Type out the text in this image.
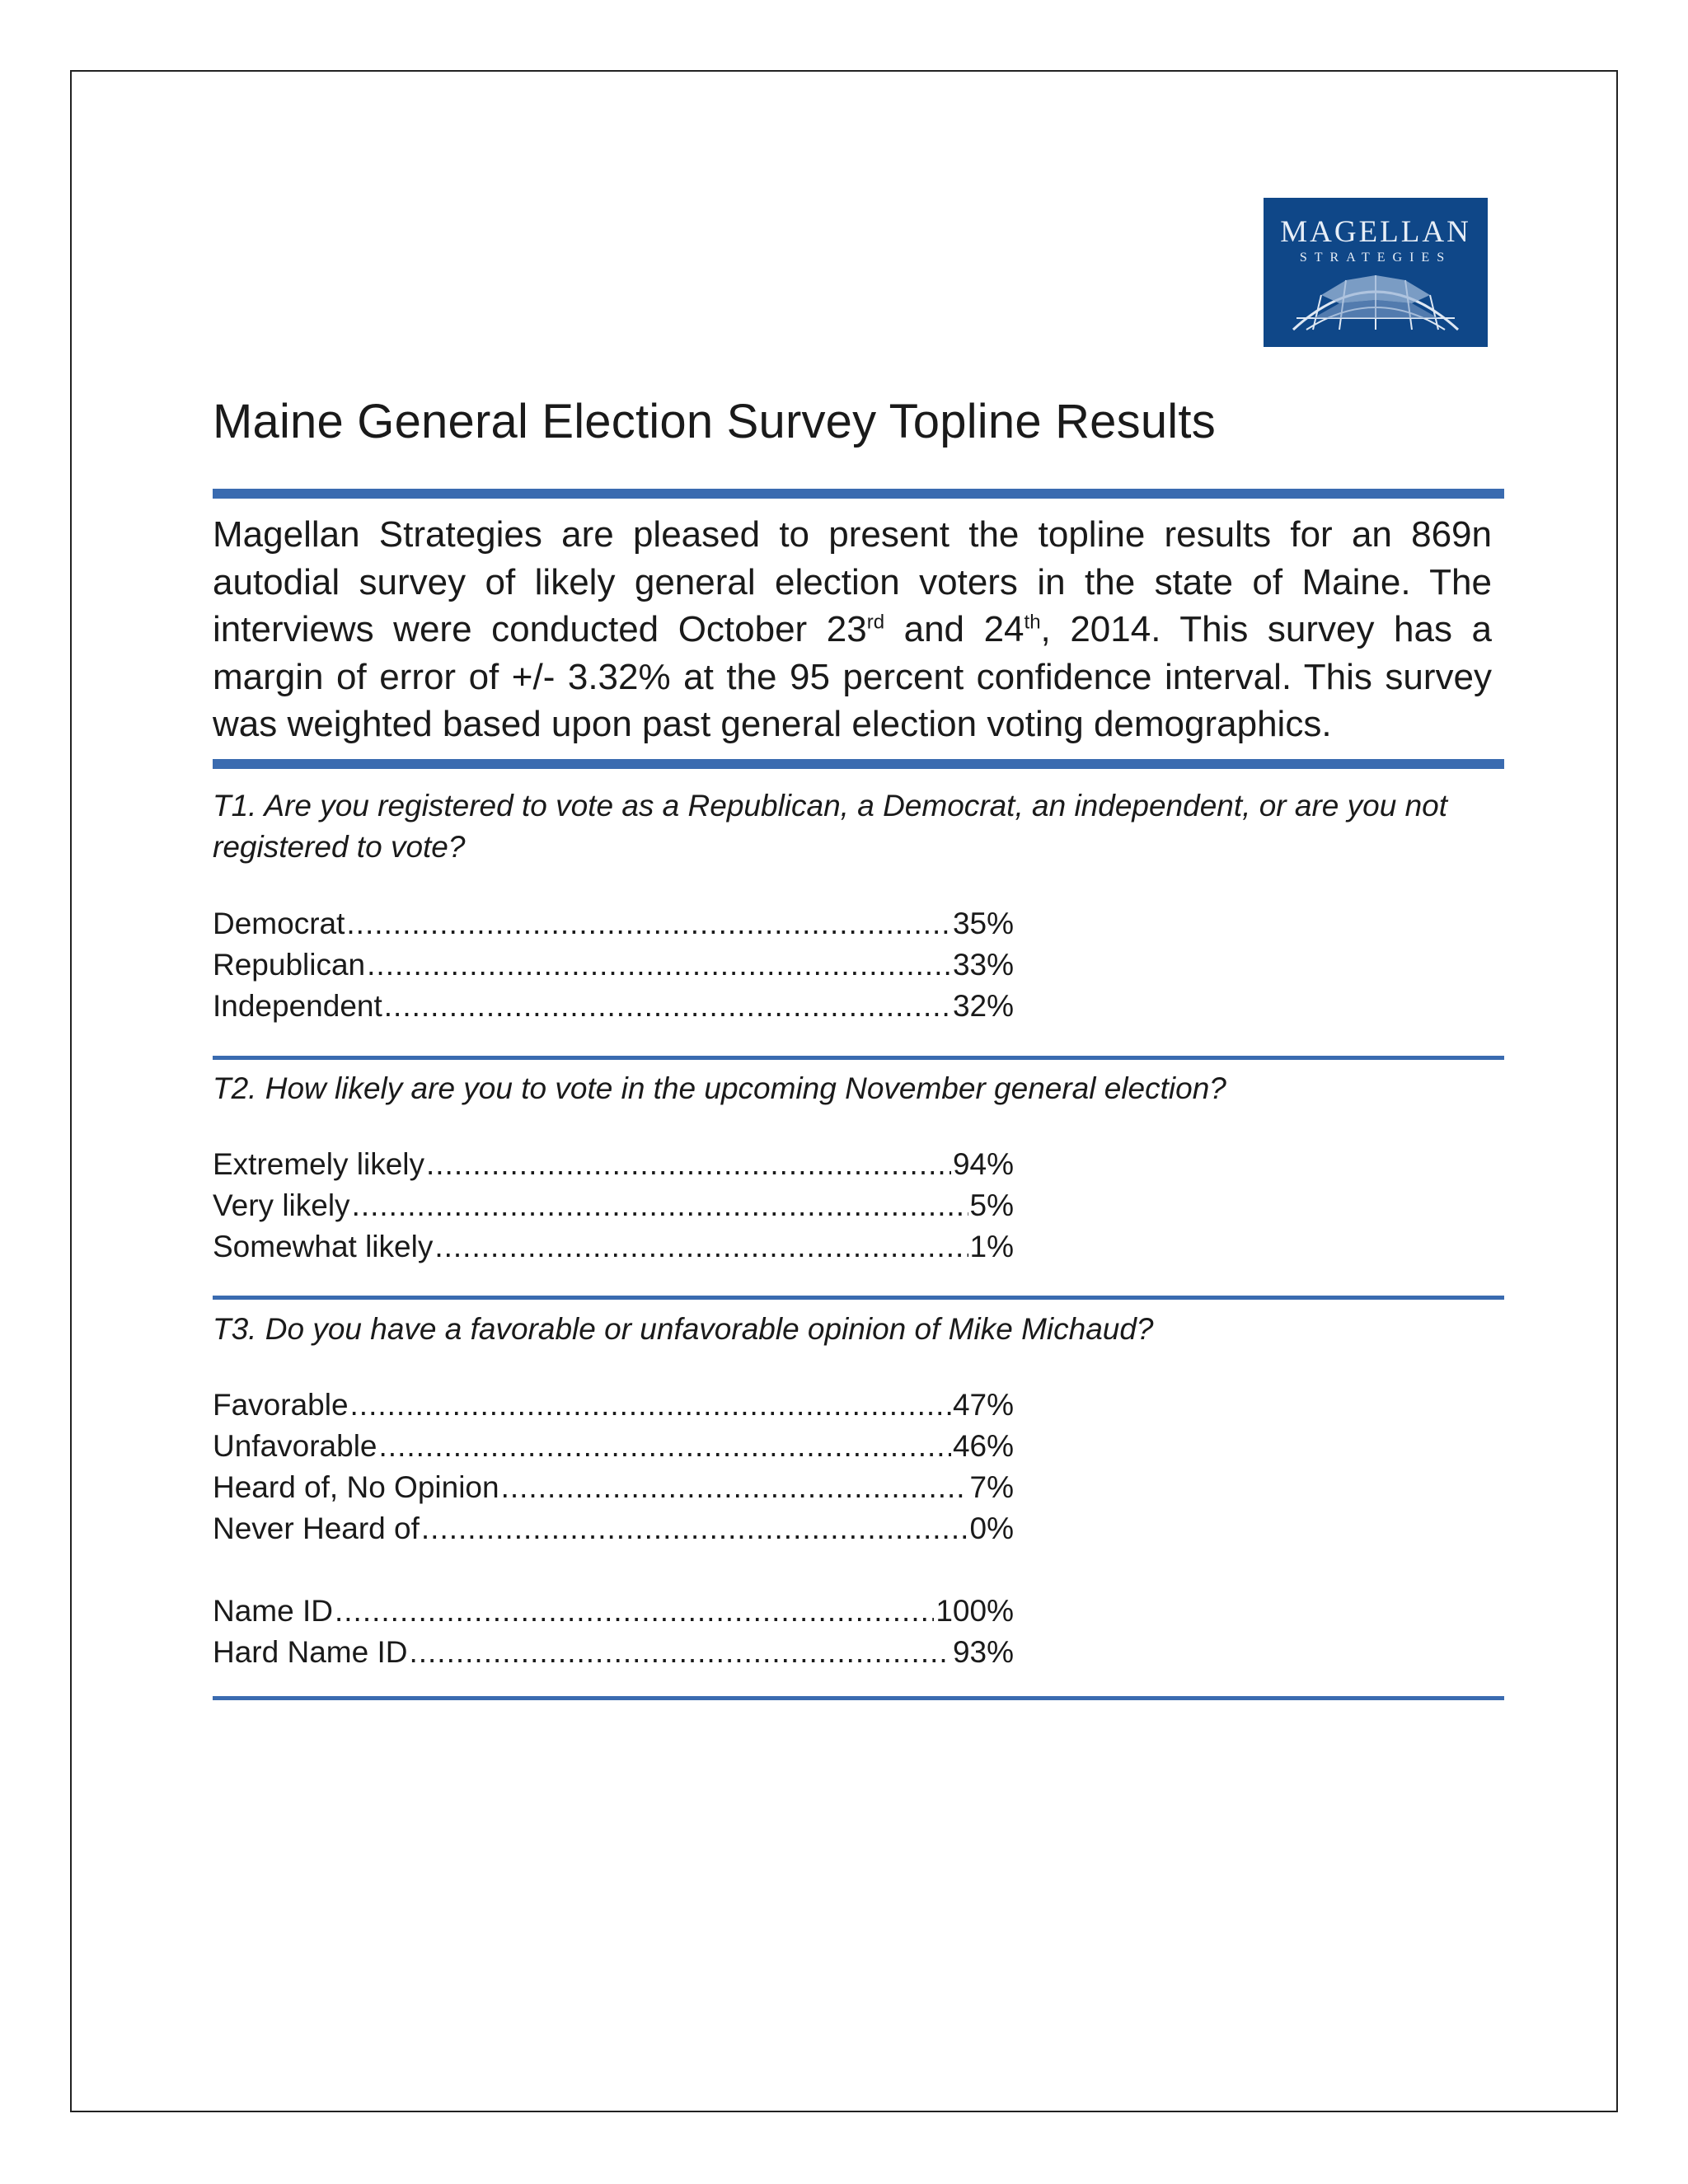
MAGELLAN
STRATEGIES
Maine General Election Survey Topline Results

Magellan Strategies are pleased to present the topline results for an 869n autodial survey of likely general election voters in the state of Maine. The interviews were conducted October 23rd and 24th, 2014. This survey has a margin of error of +/- 3.32% at the 95 percent confidence interval. This survey was weighted based upon past general election voting demographics.

T1. Are you registered to vote as a Republican, a Democrat, an independent, or are you not registered to vote?

Democrat .....	35%
Republican .....	33%
Independent .....	32%

T2. How likely are you to vote in the upcoming November general election?

Extremely likely .....	94%
Very likely .....	5%
Somewhat likely .....	1%

T3. Do you have a favorable or unfavorable opinion of Mike Michaud?

Favorable .....	47%
Unfavorable .....	46%
Heard of, No Opinion .....	7%
Never Heard of .....	0%
Name ID .....	100%
Hard Name ID .....	93%
